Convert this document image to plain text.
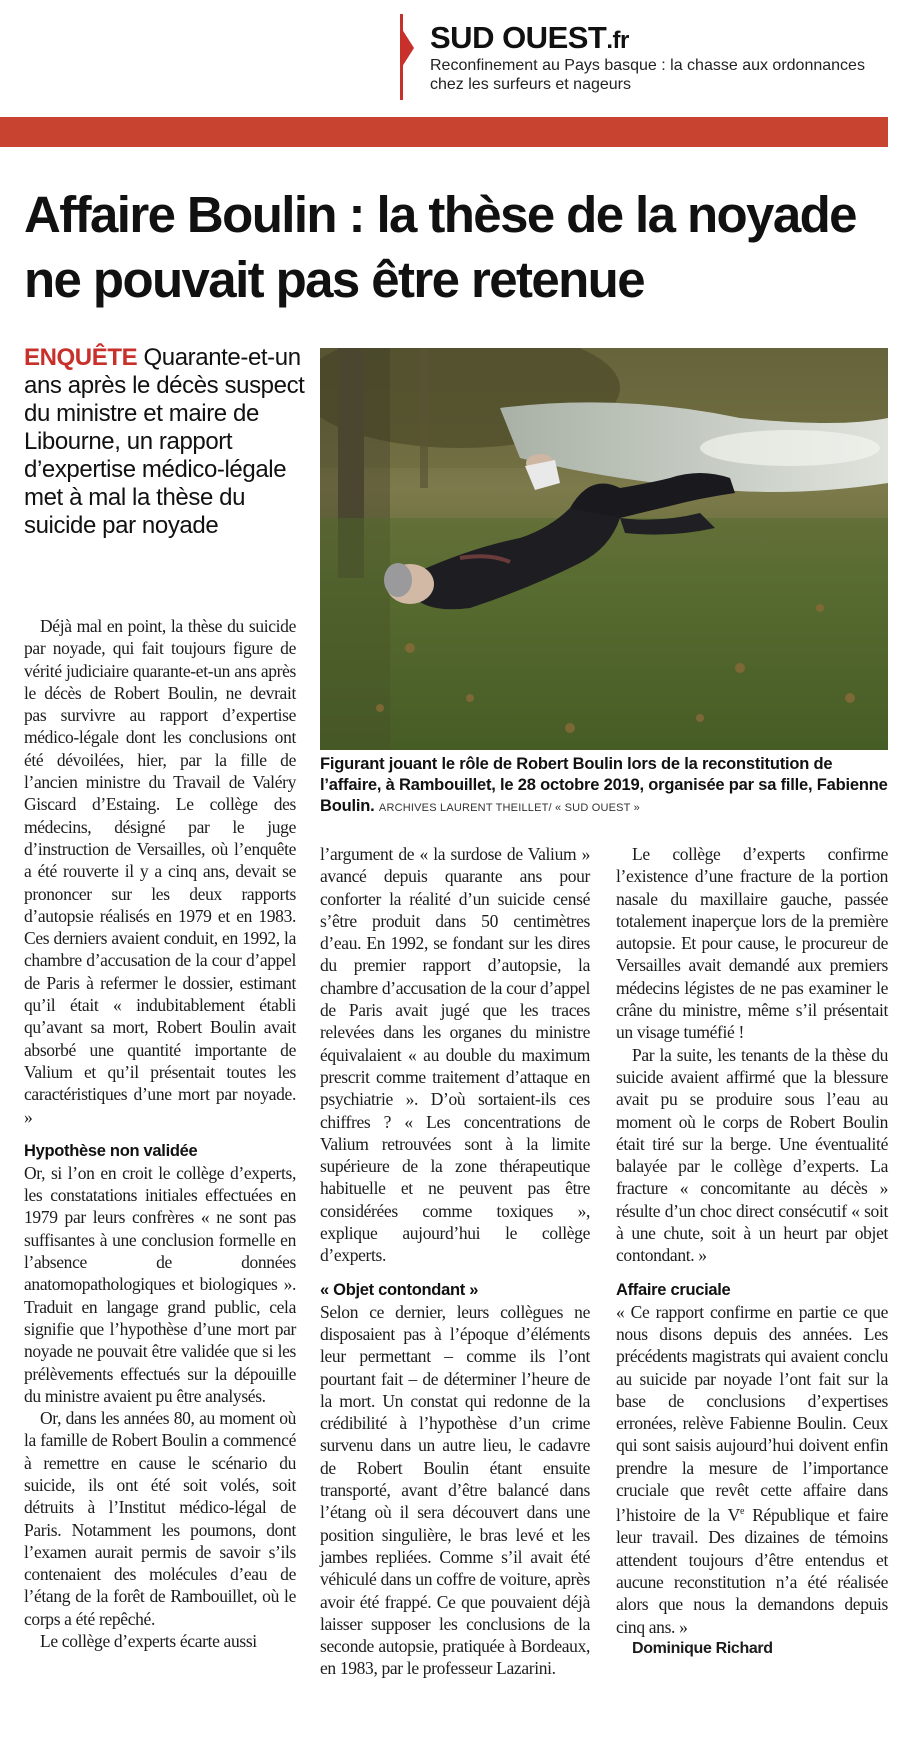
SUD OUEST.fr
Reconfinement au Pays basque : la chasse aux ordonnances chez les surfeurs et nageurs
Affaire Boulin : la thèse de la noyade ne pouvait pas être retenue
ENQUÊTE Quarante-et-un ans après le décès suspect du ministre et maire de Libourne, un rapport d’expertise médico-légale met à mal la thèse du suicide par noyade
Figurant jouant le rôle de Robert Boulin lors de la reconstitution de l’affaire, à Rambouillet, le 28 octobre 2019, organisée par sa fille, Fabienne Boulin. ARCHIVES LAURENT THEILLET/ « SUD OUEST »

Déjà mal en point, la thèse du suicide par noyade, qui fait toujours figure de vérité judiciaire quarante-et-un ans après le décès de Robert Boulin, ne devrait pas survivre au rapport d’expertise médico-légale dont les conclusions ont été dévoilées, hier, par la fille de l’ancien ministre du Travail de Valéry Giscard d’Estaing. Le collège des médecins, désigné par le juge d’instruction de Versailles, où l’enquête a été rouverte il y a cinq ans, devait se prononcer sur les deux rapports d’autopsie réalisés en 1979 et en 1983. Ces derniers avaient conduit, en 1992, la chambre d’accusation de la cour d’appel de Paris à refermer le dossier, estimant qu’il était « indubitablement établi qu’avant sa mort, Robert Boulin avait absorbé une quantité importante de Valium et qu’il présentait toutes les caractéristiques d’une mort par noyade. »

Hypothèse non validée

Or, si l’on en croit le collège d’experts, les constatations initiales effectuées en 1979 par leurs confrères « ne sont pas suffisantes à une conclusion formelle en l’absence de données anatomopathologiques et biologiques ». Traduit en langage grand public, cela signifie que l’hypothèse d’une mort par noyade ne pouvait être validée que si les prélèvements effectués sur la dépouille du ministre avaient pu être analysés.

Or, dans les années 80, au moment où la famille de Robert Boulin a commencé à remettre en cause le scénario du suicide, ils ont été soit volés, soit détruits à l’Institut médico-légal de Paris. Notamment les poumons, dont l’examen aurait permis de savoir s’ils contenaient des molécules d’eau de l’étang de la forêt de Rambouillet, où le corps a été repêché.

Le collège d’experts écarte aussi

l’argument de « la surdose de Valium » avancé depuis quarante ans pour conforter la réalité d’un suicide censé s’être produit dans 50 centimètres d’eau. En 1992, se fondant sur les dires du premier rapport d’autopsie, la chambre d’accusation de la cour d’appel de Paris avait jugé que les traces relevées dans les organes du ministre équivalaient « au double du maximum prescrit comme traitement d’attaque en psychiatrie ». D’où sortaient-ils ces chiffres ? « Les concentrations de Valium retrouvées sont à la limite supérieure de la zone thérapeutique habituelle et ne peuvent pas être considérées comme toxiques », explique aujourd’hui le collège d’experts.

« Objet contondant »

Selon ce dernier, leurs collègues ne disposaient pas à l’époque d’éléments leur permettant – comme ils l’ont pourtant fait – de déterminer l’heure de la mort. Un constat qui redonne de la crédibilité à l’hypothèse d’un crime survenu dans un autre lieu, le cadavre de Robert Boulin étant ensuite transporté, avant d’être balancé dans l’étang où il sera découvert dans une position singulière, le bras levé et les jambes repliées. Comme s’il avait été véhiculé dans un coffre de voiture, après avoir été frappé. Ce que pouvaient déjà laisser supposer les conclusions de la seconde autopsie, pratiquée à Bordeaux, en 1983, par le professeur Lazarini.

Le collège d’experts confirme l’existence d’une fracture de la portion nasale du maxillaire gauche, passée totalement inaperçue lors de la première autopsie. Et pour cause, le procureur de Versailles avait demandé aux premiers médecins légistes de ne pas examiner le crâne du ministre, même s’il présentait un visage tuméfié !

Par la suite, les tenants de la thèse du suicide avaient affirmé que la blessure avait pu se produire sous l’eau au moment où le corps de Robert Boulin était tiré sur la berge. Une éventualité balayée par le collège d’experts. La fracture « concomitante au décès » résulte d’un choc direct consécutif « soit à une chute, soit à un heurt par objet contondant. »

Affaire cruciale

« Ce rapport confirme en partie ce que nous disons depuis des années. Les précédents magistrats qui avaient conclu au suicide par noyade l’ont fait sur la base de conclusions d’expertises erronées, relève Fabienne Boulin. Ceux qui sont saisis aujourd’hui doivent enfin prendre la mesure de l’importance cruciale que revêt cette affaire dans l’histoire de la Ve République et faire leur travail. Des dizaines de témoins attendent toujours d’être entendus et aucune reconstitution n’a été réalisée alors que nous la demandons depuis cinq ans. »

Dominique Richard
